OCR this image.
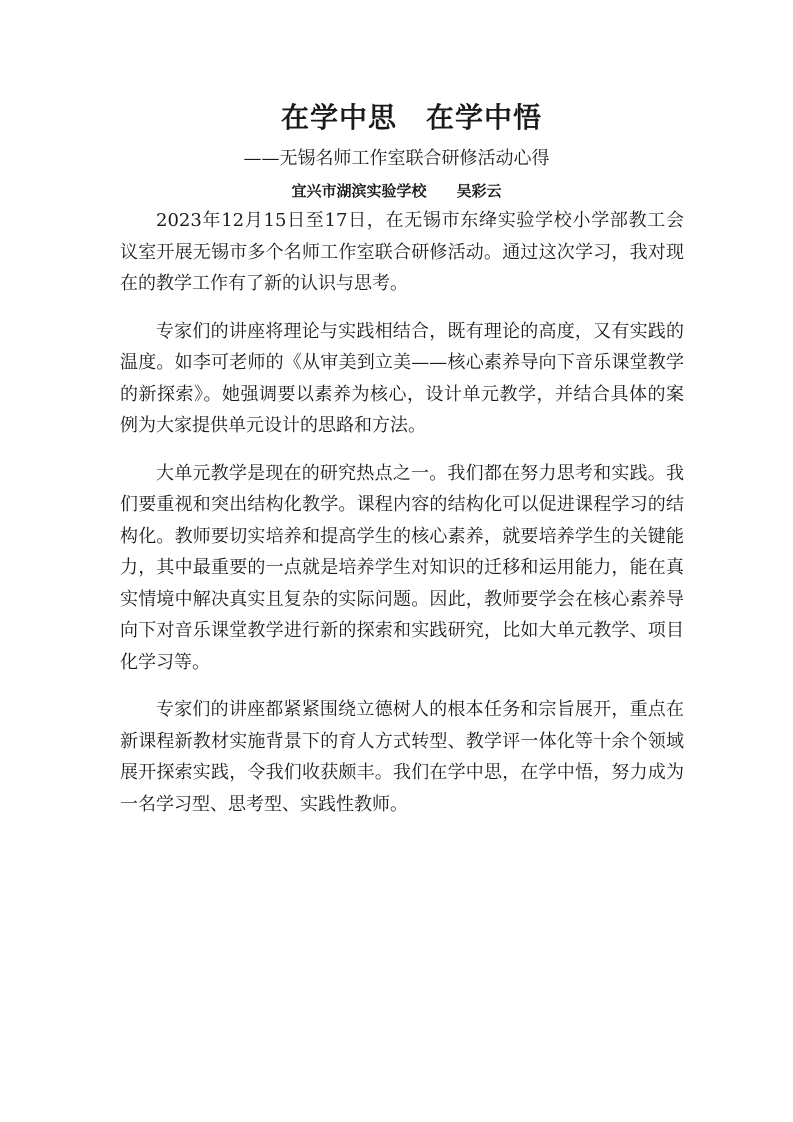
在学中思　在学中悟
——无锡名师工作室联合研修活动心得
宜兴市湖滨实验学校　　吴彩云

2023年12月15日至17日，在无锡市东绛实验学校小学部教工会议室开展无锡市多个名师工作室联合研修活动。通过这次学习，我对现在的教学工作有了新的认识与思考。

专家们的讲座将理论与实践相结合，既有理论的高度，又有实践的温度。如李可老师的《从审美到立美——核心素养导向下音乐课堂教学的新探索》。她强调要以素养为核心，设计单元教学，并结合具体的案例为大家提供单元设计的思路和方法。

大单元教学是现在的研究热点之一。我们都在努力思考和实践。我们要重视和突出结构化教学。课程内容的结构化可以促进课程学习的结构化。教师要切实培养和提高学生的核心素养，就要培养学生的关键能力，其中最重要的一点就是培养学生对知识的迁移和运用能力，能在真实情境中解决真实且复杂的实际问题。因此，教师要学会在核心素养导向下对音乐课堂教学进行新的探索和实践研究，比如大单元教学、项目化学习等。

专家们的讲座都紧紧围绕立德树人的根本任务和宗旨展开，重点在新课程新教材实施背景下的育人方式转型、教学评一体化等十余个领域展开探索实践，令我们收获颇丰。我们在学中思，在学中悟，努力成为一名学习型、思考型、实践性教师。
